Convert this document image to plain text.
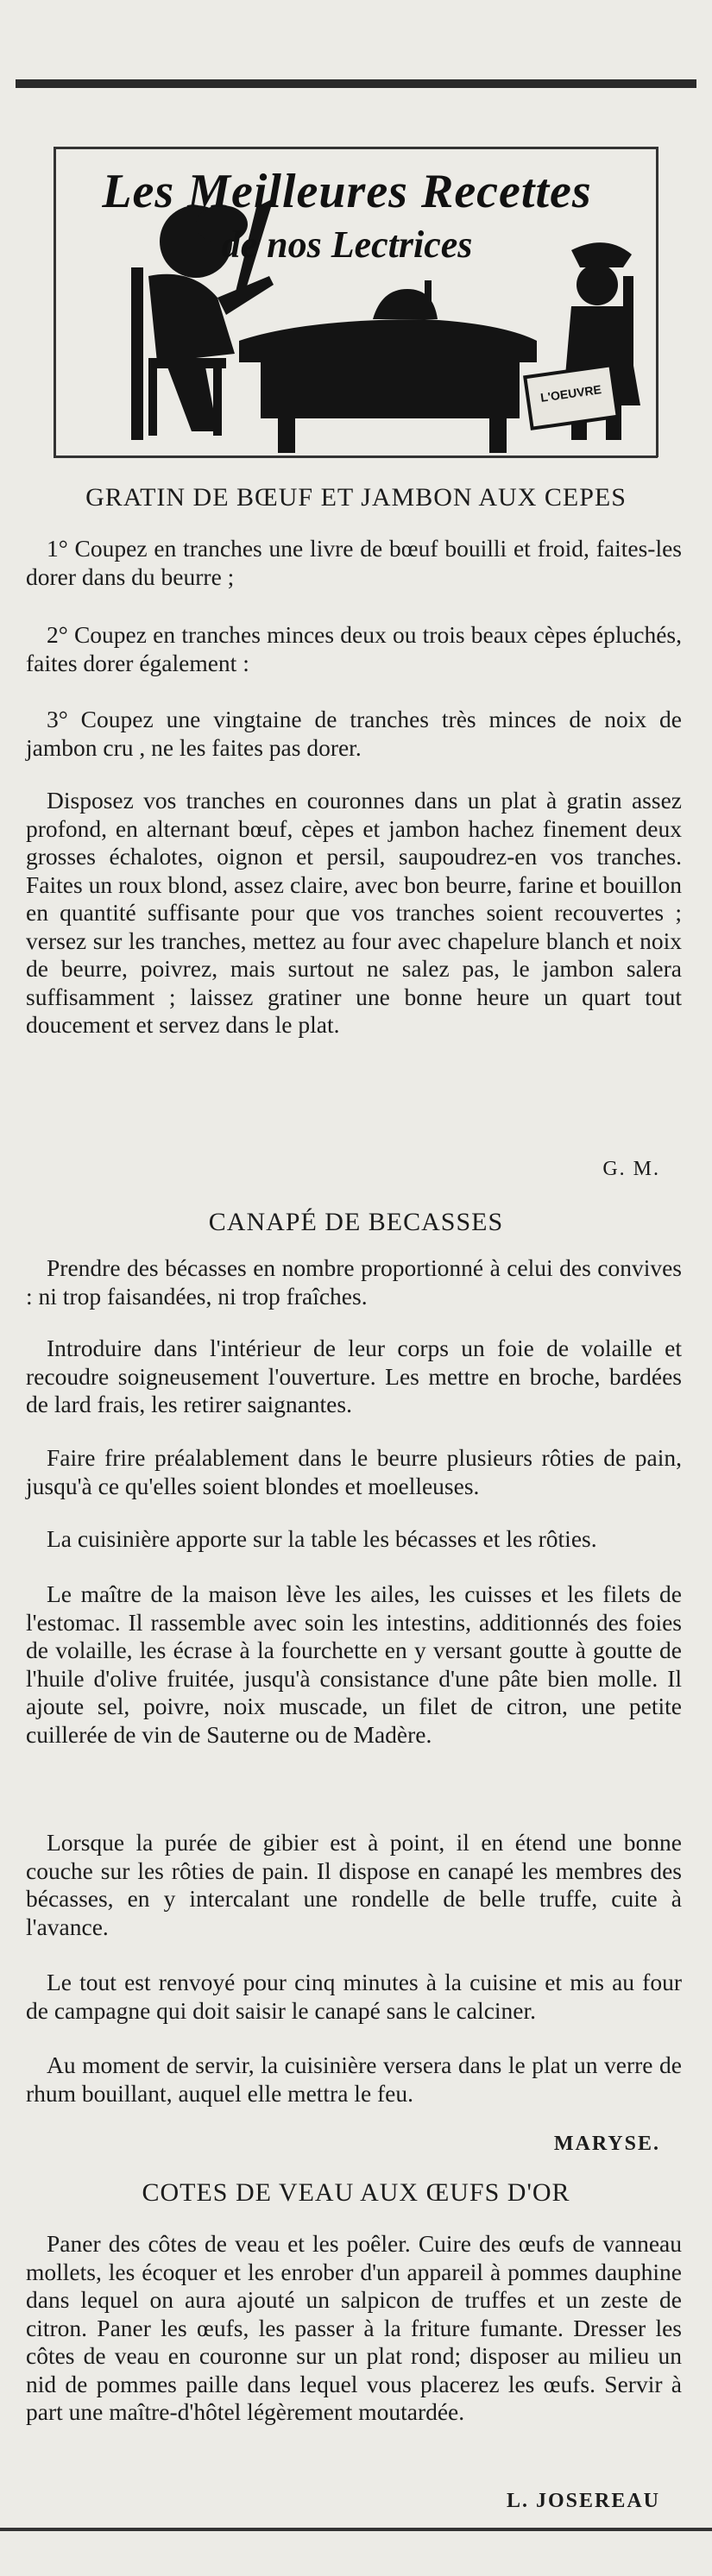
Les Meilleures Recettes
de nos Lectrices
L'OEUVRE
GRATIN DE BŒUF ET JAMBON AUX CEPES

1° Coupez en tranches une livre de bœuf bouilli et froid, faites-les dorer dans du beurre ;

2° Coupez en tranches minces deux ou trois beaux cèpes épluchés, faites dorer également :

3° Coupez une vingtaine de tranches très minces de noix de jambon cru , ne les faites pas dorer.

Disposez vos tranches en couronnes dans un plat à gratin assez profond, en alternant bœuf, cèpes et jambon hachez finement deux grosses échalotes, oignon et persil, saupoudrez-en vos tranches. Faites un roux blond, assez claire, avec bon beurre, farine et bouillon en quantité suffisante pour que vos tranches soient recouvertes ; versez sur les tranches, mettez au four avec chapelure blanch et noix de beurre, poivrez, mais surtout ne salez pas, le jambon salera suffisamment ; laissez gratiner une bonne heure un quart tout doucement et servez dans le plat.

G. M.
CANAPÉ DE BECASSES

Prendre des bécasses en nombre proportionné à celui des convives : ni trop faisandées, ni trop fraîches.

Introduire dans l'intérieur de leur corps un foie de volaille et recoudre soigneusement l'ouverture. Les mettre en broche, bardées de lard frais, les retirer saignantes.

Faire frire préalablement dans le beurre plusieurs rôties de pain, jusqu'à ce qu'elles soient blondes et moelleuses.

La cuisinière apporte sur la table les bécasses et les rôties.

Le maître de la maison lève les ailes, les cuisses et les filets de l'estomac. Il rassemble avec soin les intestins, additionnés des foies de volaille, les écrase à la fourchette en y versant goutte à goutte de l'huile d'olive fruitée, jusqu'à consistance d'une pâte bien molle. Il ajoute sel, poivre, noix muscade, un filet de citron, une petite cuillerée de vin de Sauterne ou de Madère.

Lorsque la purée de gibier est à point, il en étend une bonne couche sur les rôties de pain. Il dispose en canapé les membres des bécasses, en y intercalant une rondelle de belle truffe, cuite à l'avance.

Le tout est renvoyé pour cinq minutes à la cuisine et mis au four de campagne qui doit saisir le canapé sans le calciner.

Au moment de servir, la cuisinière versera dans le plat un verre de rhum bouillant, auquel elle mettra le feu.

MARYSE.
COTES DE VEAU AUX ŒUFS D'OR

Paner des côtes de veau et les poêler. Cuire des œufs de vanneau mollets, les écoquer et les enrober d'un appareil à pommes dauphine dans lequel on aura ajouté un salpicon de truffes et un zeste de citron. Paner les œufs, les passer à la friture fumante. Dresser les côtes de veau en couronne sur un plat rond; disposer au milieu un nid de pommes paille dans lequel vous placerez les œufs. Servir à part une maître-d'hôtel légèrement moutardée.

L. JOSEREAU
